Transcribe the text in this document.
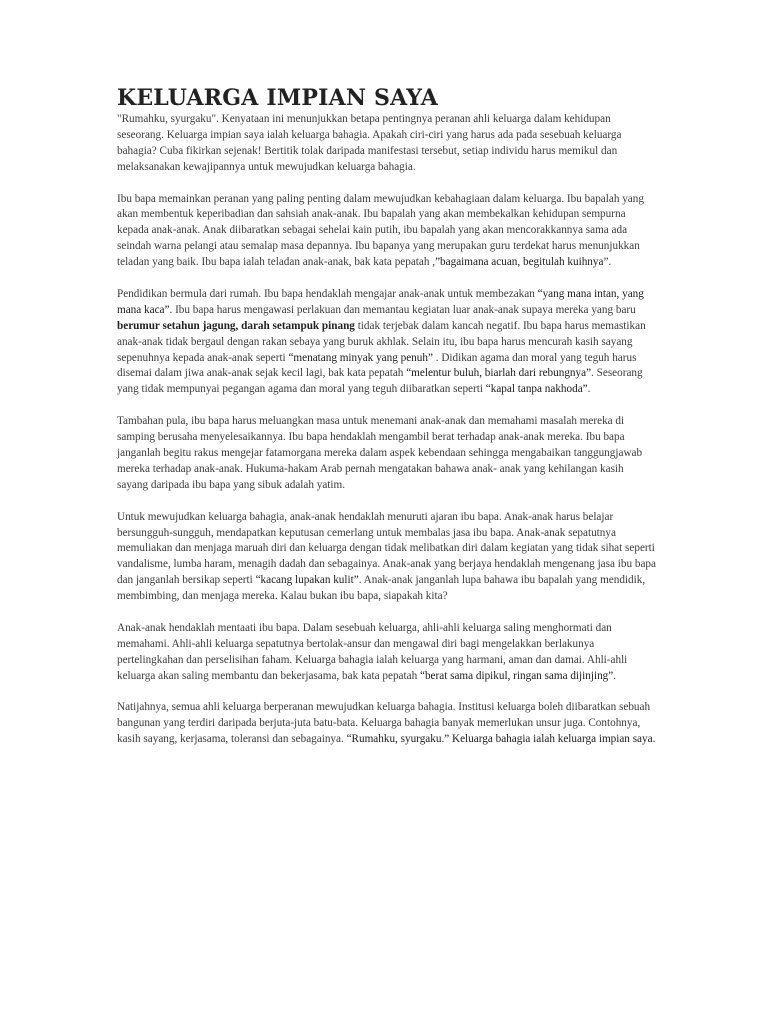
KELUARGA IMPIAN SAYA

"Rumahku, syurgaku". Kenyataan ini menunjukkan betapa pentingnya peranan ahli keluarga dalam kehidupan seseorang. Keluarga impian saya ialah keluarga bahagia. Apakah ciri-ciri yang harus ada pada sesebuah keluarga bahagia? Cuba fikirkan sejenak! Bertitik tolak daripada manifestasi tersebut, setiap individu harus memikul dan melaksanakan kewajipannya untuk mewujudkan keluarga bahagia.

Ibu bapa memainkan peranan yang paling penting dalam mewujudkan kebahagiaan dalam keluarga. Ibu bapalah yang akan membentuk keperibadian dan sahsiah anak-anak. Ibu bapalah yang akan membekalkan kehidupan sempurna kepada anak-anak. Anak diibaratkan sebagai sehelai kain putih, ibu bapalah yang akan mencorakkannya sama ada seindah warna pelangi atau semalap masa depannya. Ibu bapanya yang merupakan guru terdekat harus menunjukkan teladan yang baik. Ibu bapa ialah teladan anak-anak, bak kata pepatah ,”bagaimana acuan, begitulah kuihnya”.

Pendidikan bermula dari rumah. Ibu bapa hendaklah mengajar anak-anak untuk membezakan “yang mana intan, yang mana kaca”. Ibu bapa harus mengawasi perlakuan dan memantau kegiatan luar anak-anak supaya mereka yang baru berumur setahun jagung, darah setampuk pinang tidak terjebak dalam kancah negatif. Ibu bapa harus memastikan anak-anak tidak bergaul dengan rakan sebaya yang buruk akhlak. Selain itu, ibu bapa harus mencurah kasih sayang sepenuhnya kepada anak-anak seperti “menatang minyak yang penuh” . Didikan agama dan moral yang teguh harus disemai dalam jiwa anak-anak sejak kecil lagi, bak kata pepatah “melentur buluh, biarlah dari rebungnya”. Seseorang yang tidak mempunyai pegangan agama dan moral yang teguh diibaratkan seperti “kapal tanpa nakhoda”.

Tambahan pula, ibu bapa harus meluangkan masa untuk menemani anak-anak dan memahami masalah mereka di samping berusaha menyelesaikannya. Ibu bapa hendaklah mengambil berat terhadap anak-anak mereka. Ibu bapa janganlah begitu rakus mengejar fatamorgana mereka dalam aspek kebendaan sehingga mengabaikan tanggungjawab mereka terhadap anak-anak. Hukuma-hakam Arab pernah mengatakan bahawa anak- anak yang kehilangan kasih sayang daripada ibu bapa yang sibuk adalah yatim.

Untuk mewujudkan keluarga bahagia, anak-anak hendaklah menuruti ajaran ibu bapa. Anak-anak harus belajar bersungguh-sungguh, mendapatkan keputusan cemerlang untuk membalas jasa ibu bapa. Anak-anak sepatutnya memuliakan dan menjaga maruah diri dan keluarga dengan tidak melibatkan diri dalam kegiatan yang tidak sihat seperti vandalisme, lumba haram, menagih dadah dan sebagainya. Anak-anak yang berjaya hendaklah mengenang jasa ibu bapa dan janganlah bersikap seperti “kacang lupakan kulit”. Anak-anak janganlah lupa bahawa ibu bapalah yang mendidik, membimbing, dan menjaga mereka. Kalau bukan ibu bapa, siapakah kita?

Anak-anak hendaklah mentaati ibu bapa. Dalam sesebuah keluarga, ahli-ahli keluarga saling menghormati dan memahami. Ahli-ahli keluarga sepatutnya bertolak-ansur dan mengawal diri bagi mengelakkan berlakunya pertelingkahan dan perselisihan faham. Keluarga bahagia ialah keluarga yang harmani, aman dan damai. Ahli-ahli keluarga akan saling membantu dan bekerjasama, bak kata pepatah “berat sama dipikul, ringan sama dijinjing”.

Natijahnya, semua ahli keluarga berperanan mewujudkan keluarga bahagia. Institusi keluarga boleh diibaratkan sebuah bangunan yang terdiri daripada berjuta-juta batu-bata. Keluarga bahagia banyak memerlukan unsur juga. Contohnya, kasih sayang, kerjasama, toleransi dan sebagainya. “Rumahku, syurgaku.” Keluarga bahagia ialah keluarga impian saya.
